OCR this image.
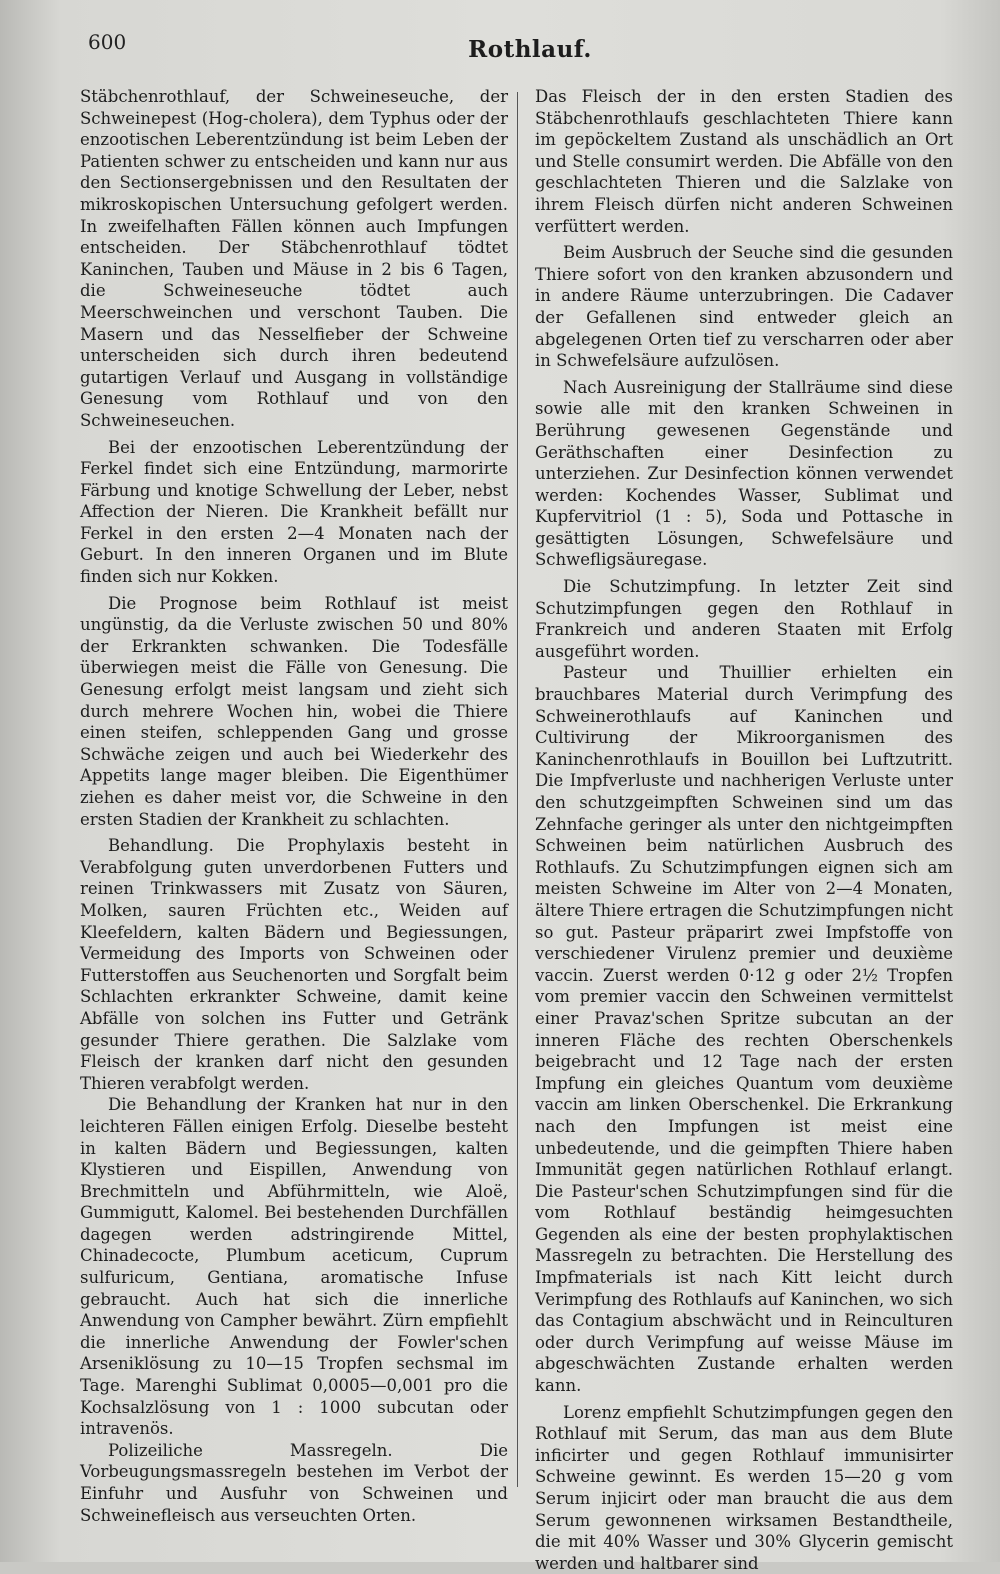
600	Rothlauf.

Stäbchenrothlauf, der Schweineseuche, der Schweinepest (Hog-cholera), dem Typhus oder der enzootischen Leberentzündung ist beim Leben der Patienten schwer zu entscheiden und kann nur aus den Sectionsergebnissen und den Resultaten der mikroskopischen Untersuchung gefolgert werden. In zweifelhaften Fällen können auch Impfungen entscheiden. Der Stäbchenrothlauf tödtet Kaninchen, Tauben und Mäuse in 2 bis 6 Tagen, die Schweineseuche tödtet auch Meerschweinchen und verschont Tauben. Die Masern und das Nesselfieber der Schweine unterscheiden sich durch ihren bedeutend gutartigen Verlauf und Ausgang in vollständige Genesung vom Rothlauf und von den Schweineseuchen.

Bei der enzootischen Leberentzündung der Ferkel findet sich eine Entzündung, marmorirte Färbung und knotige Schwellung der Leber, nebst Affection der Nieren. Die Krankheit befällt nur Ferkel in den ersten 2—4 Monaten nach der Geburt. In den inneren Organen und im Blute finden sich nur Kokken.

Die Prognose beim Rothlauf ist meist ungünstig, da die Verluste zwischen 50 und 80% der Erkrankten schwanken. Die Todesfälle überwiegen meist die Fälle von Genesung. Die Genesung erfolgt meist langsam und zieht sich durch mehrere Wochen hin, wobei die Thiere einen steifen, schleppenden Gang und grosse Schwäche zeigen und auch bei Wiederkehr des Appetits lange mager bleiben. Die Eigenthümer ziehen es daher meist vor, die Schweine in den ersten Stadien der Krankheit zu schlachten.

Behandlung. Die Prophylaxis besteht in Verabfolgung guten unverdorbenen Futters und reinen Trinkwassers mit Zusatz von Säuren, Molken, sauren Früchten etc., Weiden auf Kleefeldern, kalten Bädern und Begiessungen, Vermeidung des Imports von Schweinen oder Futterstoffen aus Seuchenorten und Sorgfalt beim Schlachten erkrankter Schweine, damit keine Abfälle von solchen ins Futter und Getränk gesunder Thiere gerathen. Die Salzlake vom Fleisch der kranken darf nicht den gesunden Thieren verabfolgt werden.

Die Behandlung der Kranken hat nur in den leichteren Fällen einigen Erfolg. Dieselbe besteht in kalten Bädern und Begiessungen, kalten Klystieren und Eispillen, Anwendung von Brechmitteln und Abführmitteln, wie Aloë, Gummigutt, Kalomel. Bei bestehenden Durchfällen dagegen werden adstringirende Mittel, Chinadecocte, Plumbum aceticum, Cuprum sulfuricum, Gentiana, aromatische Infuse gebraucht. Auch hat sich die innerliche Anwendung von Campher bewährt. Zürn empfiehlt die innerliche Anwendung der Fowler'schen Arseniklösung zu 10—15 Tropfen sechsmal im Tage. Marenghi Sublimat 0,0005—0,001 pro die Kochsalzlösung von 1 : 1000 subcutan oder intravenös.

Polizeiliche Massregeln. Die Vorbeugungsmassregeln bestehen im Verbot der Einfuhr und Ausfuhr von Schweinen und Schweinefleisch aus verseuchten Orten.

Das Fleisch der in den ersten Stadien des Stäbchenrothlaufs geschlachteten Thiere kann im gepöckeltem Zustand als unschädlich an Ort und Stelle consumirt werden. Die Abfälle von den geschlachteten Thieren und die Salzlake von ihrem Fleisch dürfen nicht anderen Schweinen verfüttert werden.

Beim Ausbruch der Seuche sind die gesunden Thiere sofort von den kranken abzusondern und in andere Räume unterzubringen. Die Cadaver der Gefallenen sind entweder gleich an abgelegenen Orten tief zu verscharren oder aber in Schwefelsäure aufzulösen.

Nach Ausreinigung der Stallräume sind diese sowie alle mit den kranken Schweinen in Berührung gewesenen Gegenstände und Geräthschaften einer Desinfection zu unterziehen. Zur Desinfection können verwendet werden: Kochendes Wasser, Sublimat und Kupfervitriol (1 : 5), Soda und Pottasche in gesättigten Lösungen, Schwefelsäure und Schwefligsäuregase.

Die Schutzimpfung. In letzter Zeit sind Schutzimpfungen gegen den Rothlauf in Frankreich und anderen Staaten mit Erfolg ausgeführt worden.

Pasteur und Thuillier erhielten ein brauchbares Material durch Verimpfung des Schweinerothlaufs auf Kaninchen und Cultivirung der Mikroorganismen des Kaninchenrothlaufs in Bouillon bei Luftzutritt. Die Impfverluste und nachherigen Verluste unter den schutzgeimpften Schweinen sind um das Zehnfache geringer als unter den nichtgeimpften Schweinen beim natürlichen Ausbruch des Rothlaufs. Zu Schutzimpfungen eignen sich am meisten Schweine im Alter von 2—4 Monaten, ältere Thiere ertragen die Schutzimpfungen nicht so gut. Pasteur präparirt zwei Impfstoffe von verschiedener Virulenz premier und deuxième vaccin. Zuerst werden 0·12 g oder 2½ Tropfen vom premier vaccin den Schweinen vermittelst einer Pravaz'schen Spritze subcutan an der inneren Fläche des rechten Oberschenkels beigebracht und 12 Tage nach der ersten Impfung ein gleiches Quantum vom deuxième vaccin am linken Oberschenkel. Die Erkrankung nach den Impfungen ist meist eine unbedeutende, und die geimpften Thiere haben Immunität gegen natürlichen Rothlauf erlangt. Die Pasteur'schen Schutzimpfungen sind für die vom Rothlauf beständig heimgesuchten Gegenden als eine der besten prophylaktischen Massregeln zu betrachten. Die Herstellung des Impfmaterials ist nach Kitt leicht durch Verimpfung des Rothlaufs auf Kaninchen, wo sich das Contagium abschwächt und in Reinculturen oder durch Verimpfung auf weisse Mäuse im abgeschwächten Zustande erhalten werden kann.

Lorenz empfiehlt Schutzimpfungen gegen den Rothlauf mit Serum, das man aus dem Blute inficirter und gegen Rothlauf immunisirter Schweine gewinnt. Es werden 15—20 g vom Serum injicirt oder man braucht die aus dem Serum gewonnenen wirksamen Bestandtheile, die mit 40% Wasser und 30% Glycerin gemischt werden und haltbarer sind
